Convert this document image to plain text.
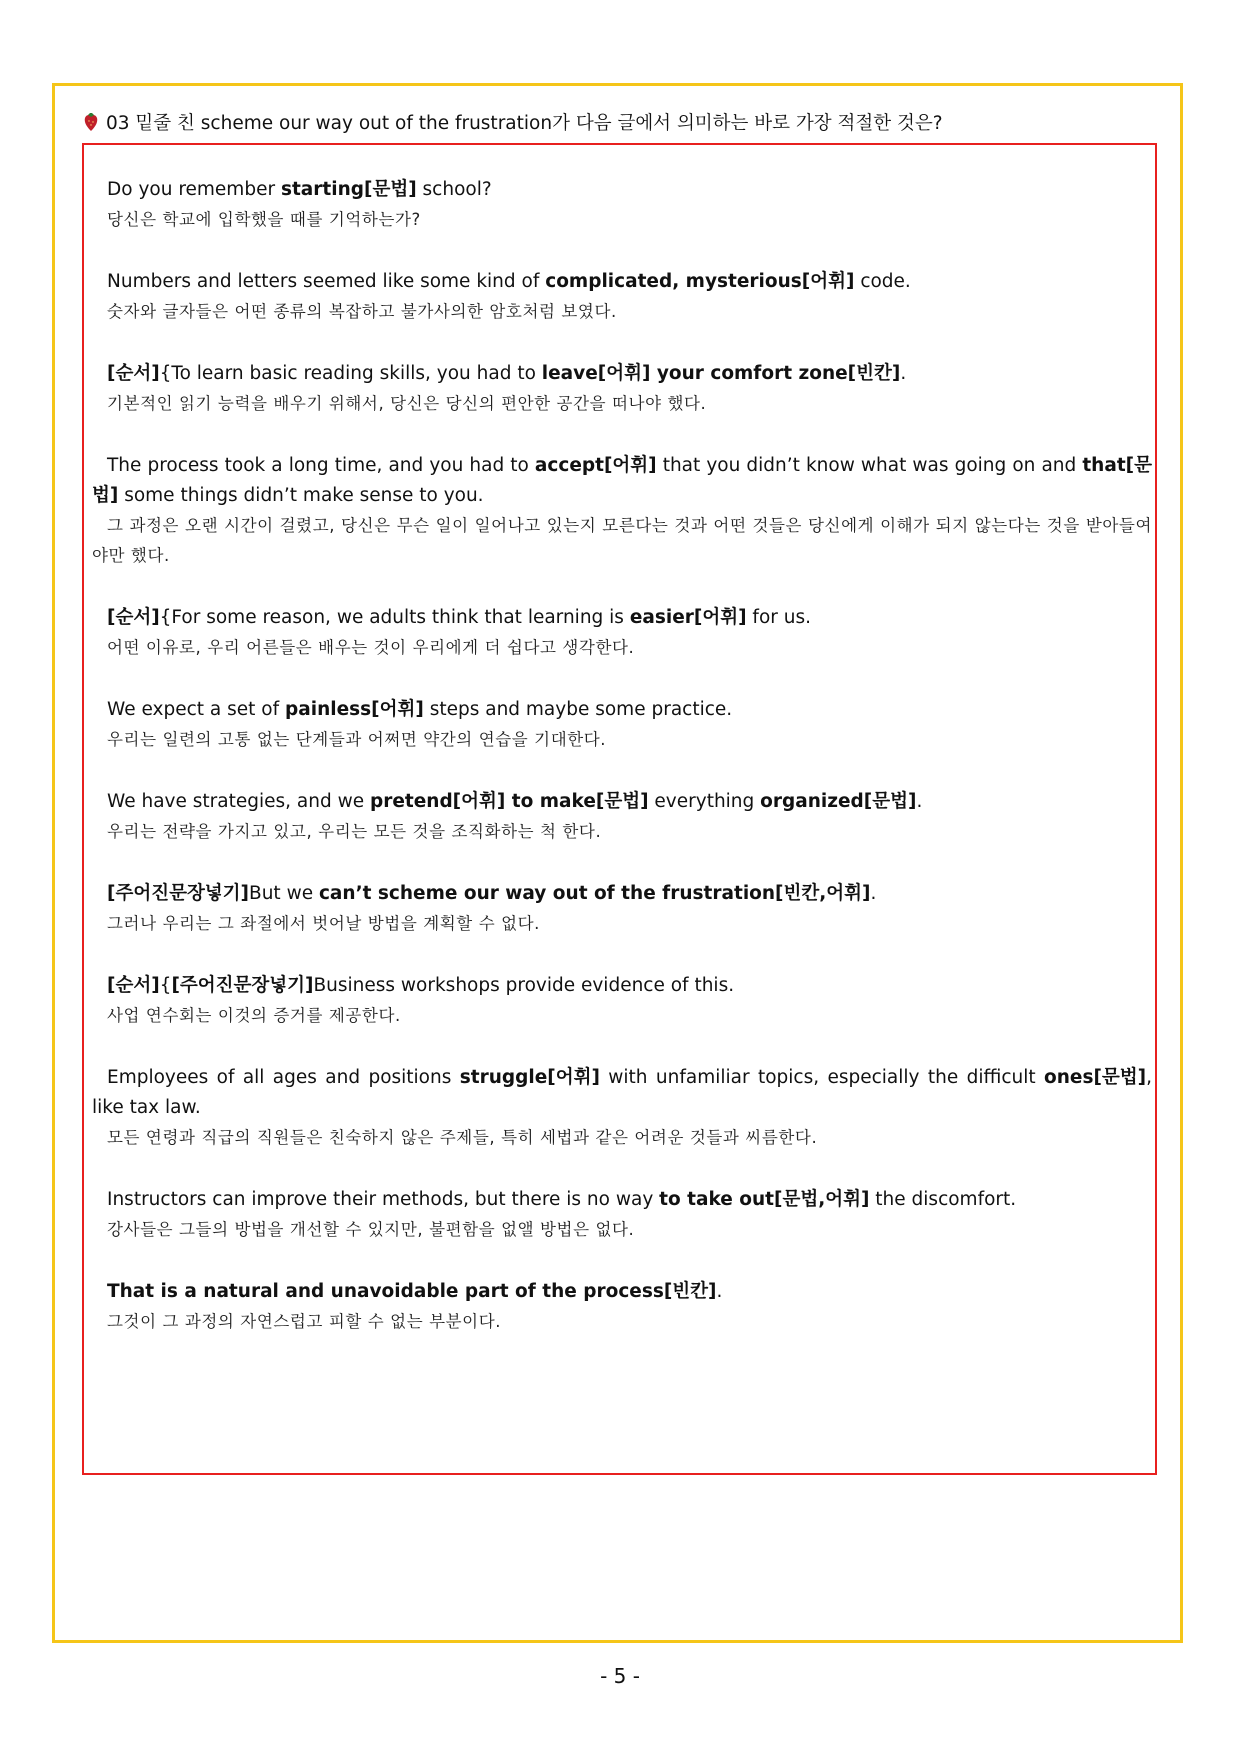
03 밑줄 친 scheme our way out of the frustration가 다음 글에서 의미하는 바로 가장 적절한 것은?
Do you remember starting[문법] school?
당신은 학교에 입학했을 때를 기억하는가?
Numbers and letters seemed like some kind of complicated, mysterious[어휘] code.
숫자와 글자들은 어떤 종류의 복잡하고 불가사의한 암호처럼 보였다.
[순서]{To learn basic reading skills, you had to leave[어휘] your comfort zone[빈칸].
기본적인 읽기 능력을 배우기 위해서, 당신은 당신의 편안한 공간을 떠나야 했다.
The process took a long time, and you had to accept[어휘] that you didn’t know what was going on and that[문법] some things didn’t make sense to you.
그 과정은 오랜 시간이 걸렸고, 당신은 무슨 일이 일어나고 있는지 모른다는 것과 어떤 것들은 당신에게 이해가 되지 않는다는 것을 받아들여야만 했다.
[순서]{For some reason, we adults think that learning is easier[어휘] for us.
어떤 이유로, 우리 어른들은 배우는 것이 우리에게 더 쉽다고 생각한다.
We expect a set of painless[어휘] steps and maybe some practice.
우리는 일련의 고통 없는 단계들과 어쩌면 약간의 연습을 기대한다.
We have strategies, and we pretend[어휘] to make[문법] everything organized[문법].
우리는 전략을 가지고 있고, 우리는 모든 것을 조직화하는 척 한다.
[주어진문장넣기]But we can’t scheme our way out of the frustration[빈칸,어휘].
그러나 우리는 그 좌절에서 벗어날 방법을 계획할 수 없다.
[순서]{[주어진문장넣기]Business workshops provide evidence of this.
사업 연수회는 이것의 증거를 제공한다.
Employees of all ages and positions struggle[어휘] with unfamiliar topics, especially the difficult ones[문법], like tax law.
모든 연령과 직급의 직원들은 친숙하지 않은 주제들, 특히 세법과 같은 어려운 것들과 씨름한다.
Instructors can improve their methods, but there is no way to take out[문법,어휘] the discomfort.
강사들은 그들의 방법을 개선할 수 있지만, 불편함을 없앨 방법은 없다.
That is a natural and unavoidable part of the process[빈칸].
그것이 그 과정의 자연스럽고 피할 수 없는 부분이다.
- 5 -
